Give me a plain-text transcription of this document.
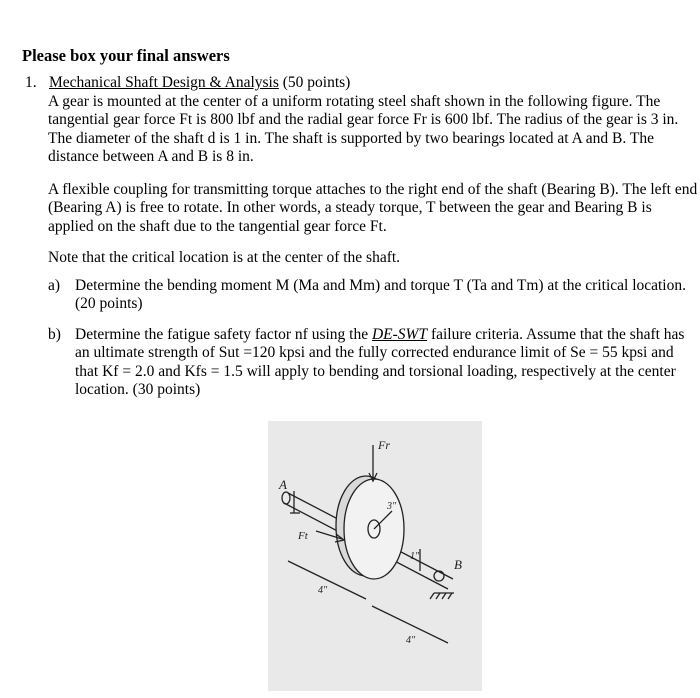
Please box your final answers
1. Mechanical Shaft Design & Analysis (50 points)

A gear is mounted at the center of a uniform rotating steel shaft shown in the following figure. The tangential gear force Ft is 800 lbf and the radial gear force Fr is 600 lbf. The radius of the gear is 3 in. The diameter of the shaft d is 1 in. The shaft is supported by two bearings located at A and B. The distance between A and B is 8 in.

A flexible coupling for transmitting torque attaches to the right end of the shaft (Bearing B). The left end (Bearing A) is free to rotate. In other words, a steady torque, T between the gear and Bearing B is applied on the shaft due to the tangential gear force Ft.

Note that the critical location is at the center of the shaft.

a) Determine the bending moment M (Ma and Mm) and torque T (Ta and Tm) at the critical location. (20 points)

b) Determine the fatigue safety factor nf using the DE-SWT failure criteria. Assume that the shaft has an ultimate strength of Sut =120 kpsi and the fully corrected endurance limit of Se = 55 kpsi and that Kf = 2.0 and Kfs = 1.5 will apply to bending and torsional loading, respectively at the center location. (30 points)

A
B
Fr
Ft
3"
1"
4"
4"
